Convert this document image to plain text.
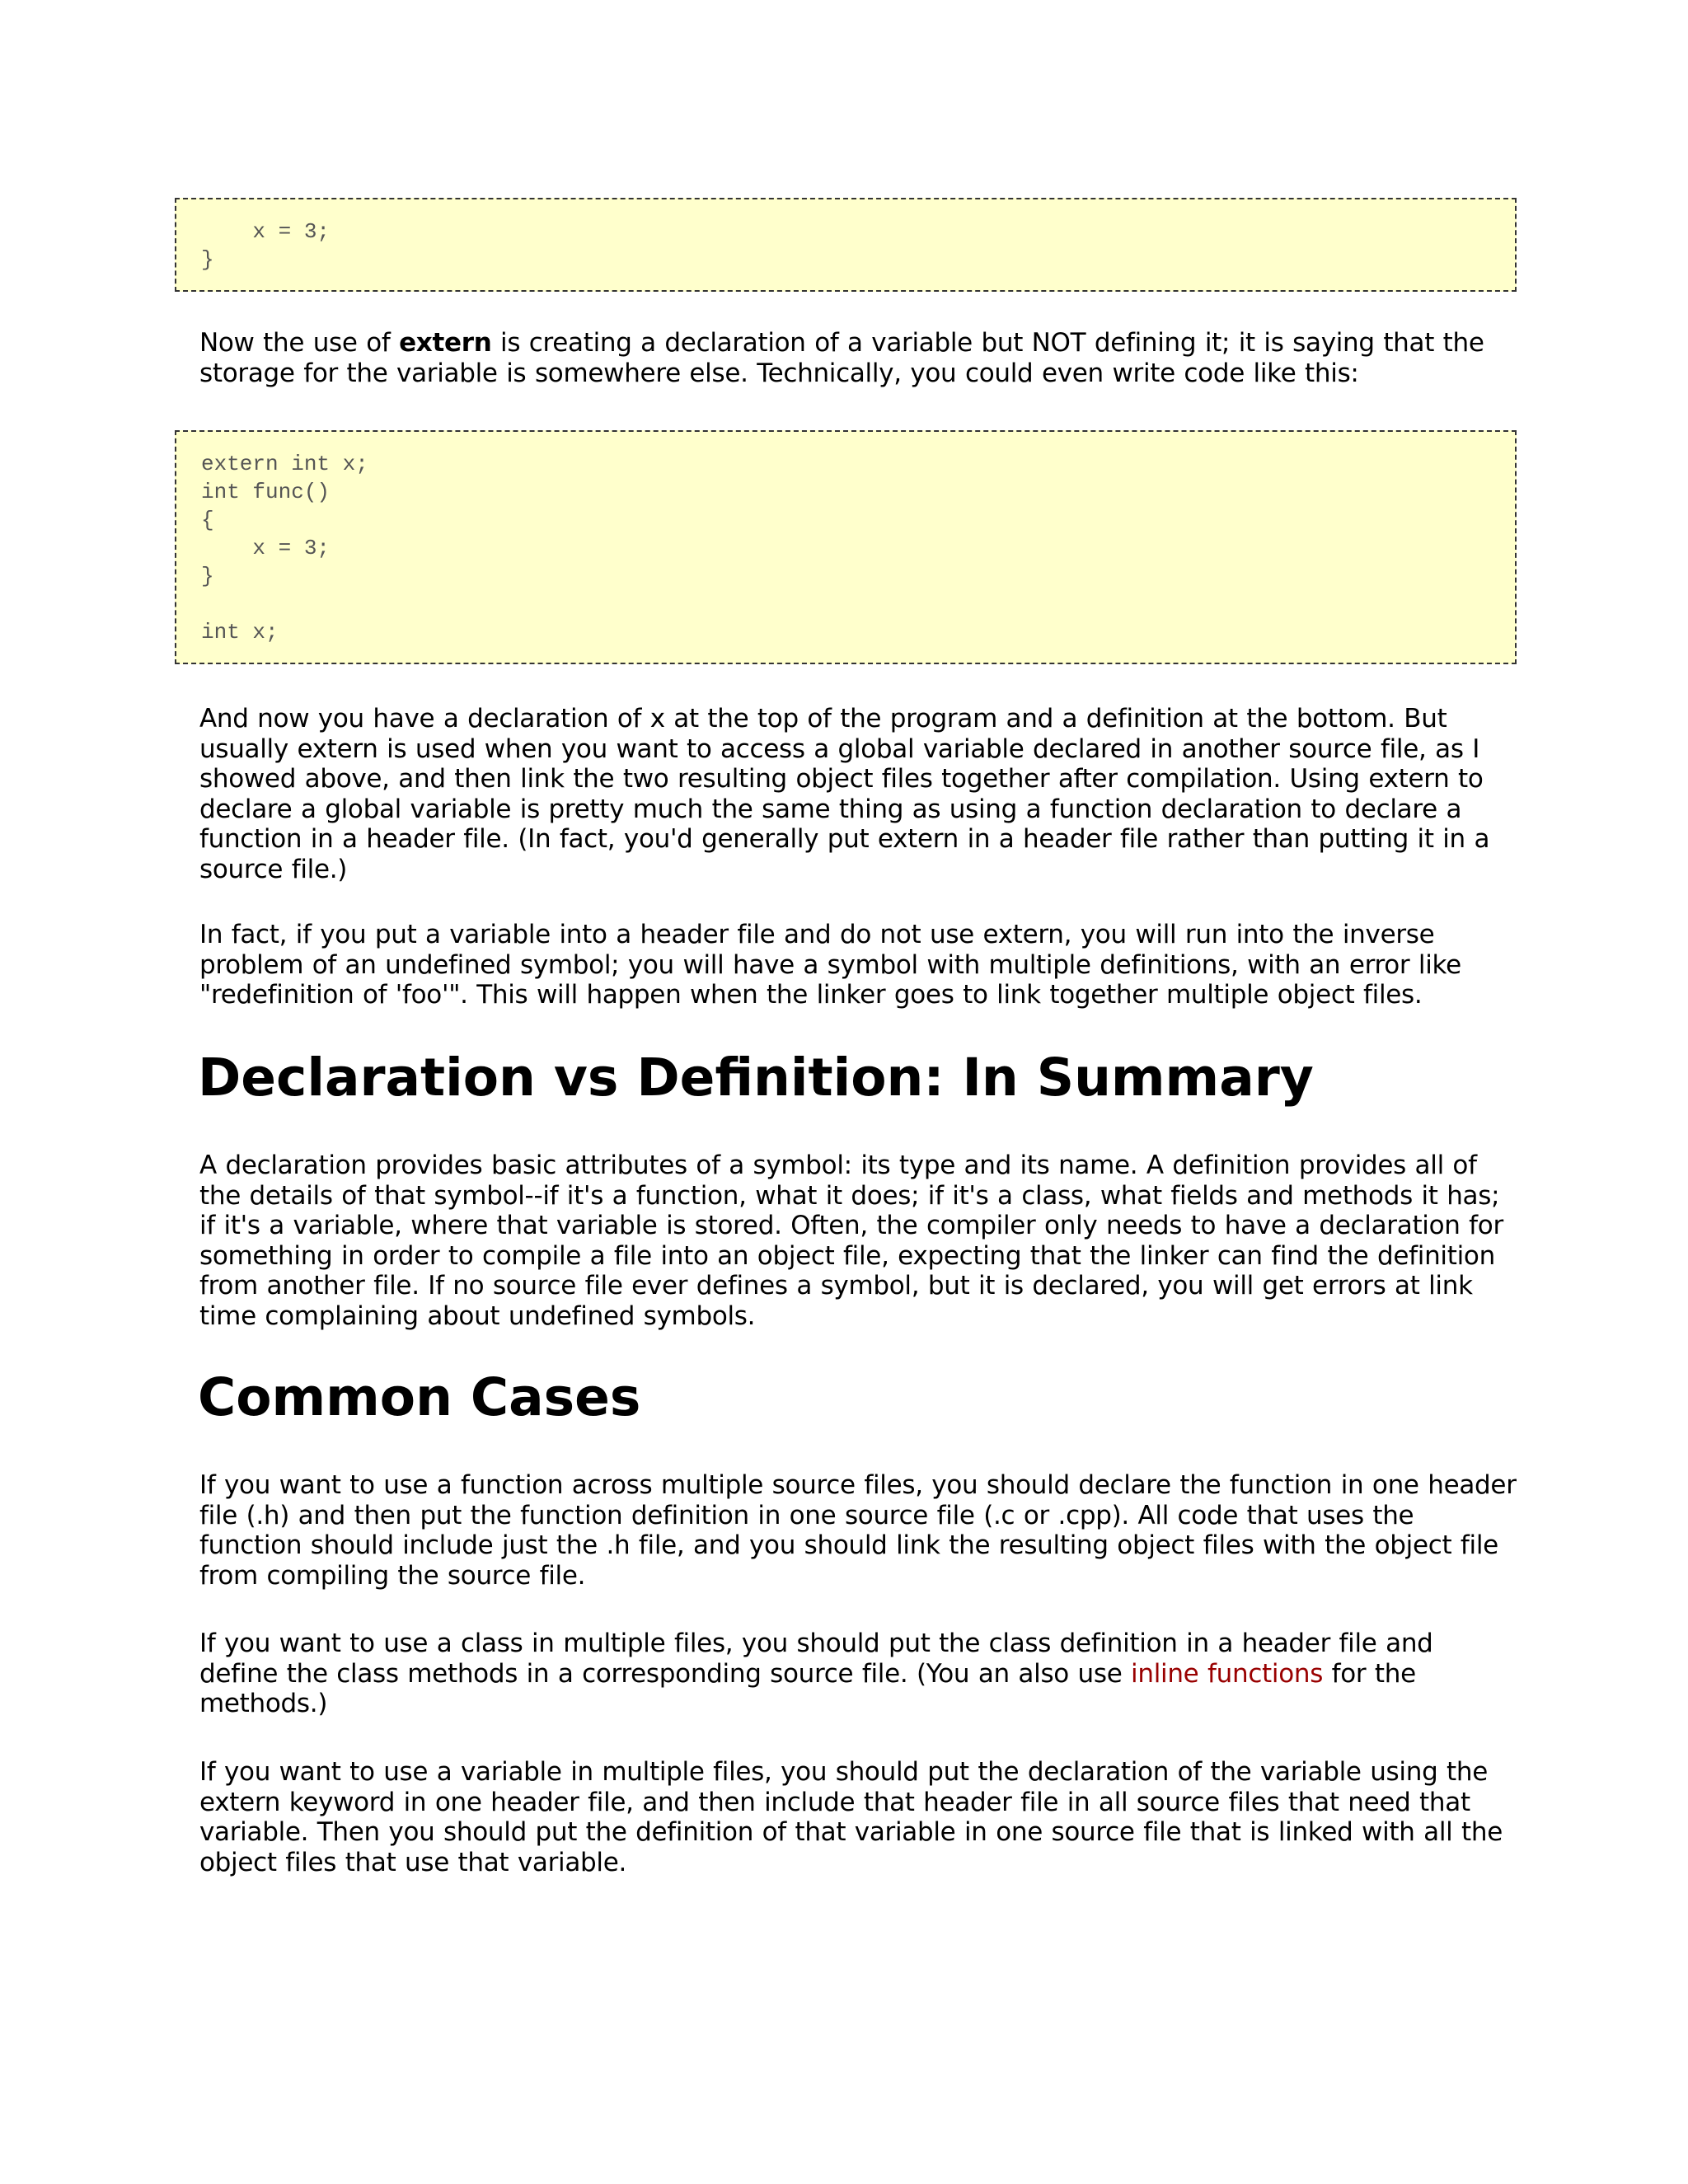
x = 3;
}

Now the use of extern is creating a declaration of a variable but NOT defining it; it is saying that the storage for the variable is somewhere else. Technically, you could even write code like this:

extern int x;
int func()
{
x = 3;
}

int x;

And now you have a declaration of x at the top of the program and a definition at the bottom. But usually extern is used when you want to access a global variable declared in another source file, as I showed above, and then link the two resulting object files together after compilation. Using extern to declare a global variable is pretty much the same thing as using a function declaration to declare a function in a header file. (In fact, you'd generally put extern in a header file rather than putting it in a source file.)

In fact, if you put a variable into a header file and do not use extern, you will run into the inverse problem of an undefined symbol; you will have a symbol with multiple definitions, with an error like "redefinition of 'foo'". This will happen when the linker goes to link together multiple object files.

Declaration vs Definition: In Summary

A declaration provides basic attributes of a symbol: its type and its name. A definition provides all of the details of that symbol--if it's a function, what it does; if it's a class, what fields and methods it has; if it's a variable, where that variable is stored. Often, the compiler only needs to have a declaration for something in order to compile a file into an object file, expecting that the linker can find the definition from another file. If no source file ever defines a symbol, but it is declared, you will get errors at link time complaining about undefined symbols.

Common Cases

If you want to use a function across multiple source files, you should declare the function in one header file (.h) and then put the function definition in one source file (.c or .cpp). All code that uses the function should include just the .h file, and you should link the resulting object files with the object file from compiling the source file.

If you want to use a class in multiple files, you should put the class definition in a header file and define the class methods in a corresponding source file. (You an also use inline functions for the methods.)

If you want to use a variable in multiple files, you should put the declaration of the variable using the extern keyword in one header file, and then include that header file in all source files that need that variable. Then you should put the definition of that variable in one source file that is linked with all the object files that use that variable.
